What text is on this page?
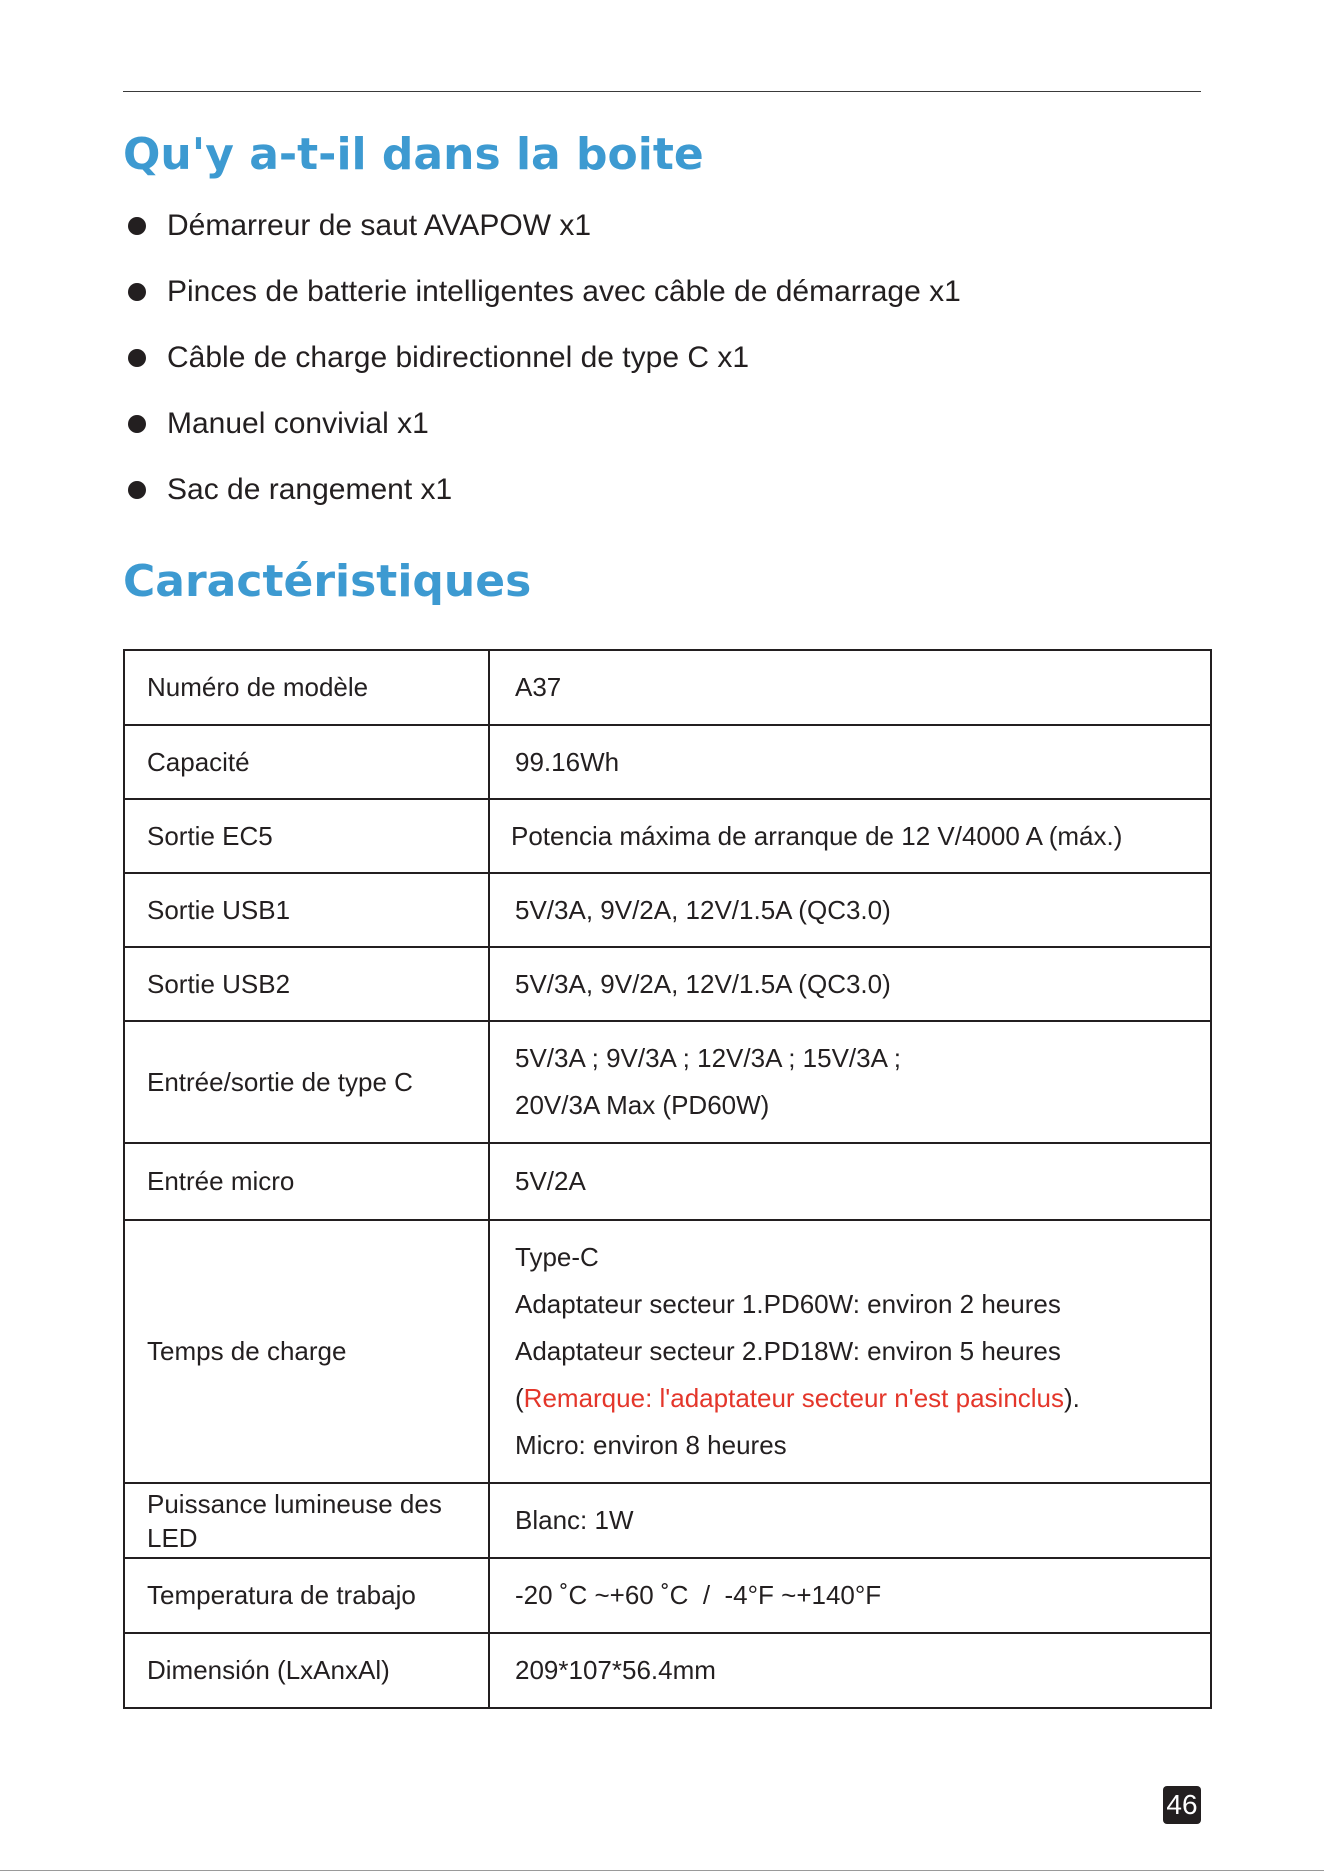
Qu'y a-t-il dans la boite
Démarreur de saut AVAPOW x1
Pinces de batterie intelligentes avec câble de démarrage x1
Câble de charge bidirectionnel de type C x1
Manuel convivial x1
Sac de rangement x1
Caractéristiques
Numéro de modèle	A37
Capacité	99.16Wh
Sortie EC5	Potencia máxima de arranque de 12 V/4000 A (máx.)
Sortie USB1	5V/3A, 9V/2A, 12V/1.5A (QC3.0)
Sortie USB2	5V/3A, 9V/2A, 12V/1.5A (QC3.0)
Entrée/sortie de type C	5V/3A ; 9V/3A ; 12V/3A ; 15V/3A ;
20V/3A Max (PD60W)

Entrée micro	5V/2A
Temps de charge	Type-C
Adaptateur secteur 1.PD60W: environ 2 heures
Adaptateur secteur 2.PD18W: environ 5 heures
(Remarque: l'adaptateur secteur n'est pasinclus).
Micro: environ 8 heures

Puissance lumineuse des LED	Blanc: 1W
Temperatura de trabajo	-20 ˚C ~+60 ˚C  /  -4°F ~+140°F
Dimensión (LxAnxAl)	209*107*56.4mm
46
